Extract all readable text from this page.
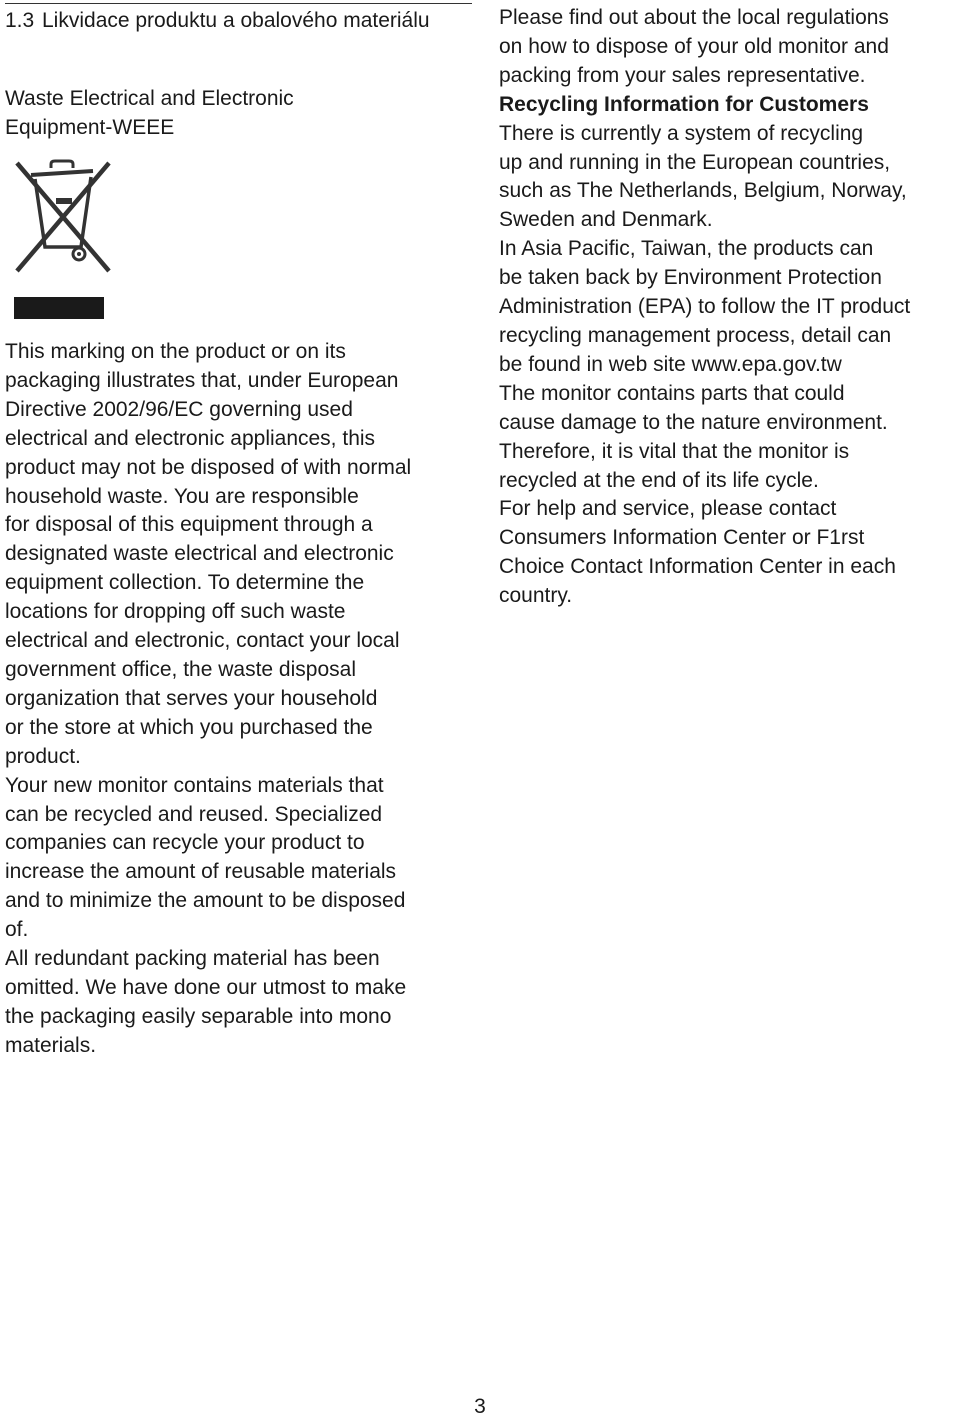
1.3 Likvidace produktu a obalového materiálu
Waste Electrical and Electronic
Equipment-WEEE

This marking on the product or on its
packaging illustrates that, under European
Directive 2002/96/EC governing used
electrical and electronic appliances, this
product may not be disposed of with normal
household waste. You are responsible
for disposal of this equipment through a
designated waste electrical and electronic
equipment collection. To determine the
locations for dropping off such waste
electrical and electronic, contact your local
government office, the waste disposal
organization that serves your household
or the store at which you purchased the
product.

Your new monitor contains materials that
can be recycled and reused. Specialized
companies can recycle your product to
increase the amount of reusable materials
and to minimize the amount to be disposed
of.

All redundant packing material has been
omitted. We have done our utmost to make
the packaging easily separable into mono
materials.

Please find out about the local regulations
on how to dispose of your old monitor and
packing from your sales representative.

Recycling Information for Customers

There is currently a system of recycling
up and running in the European countries,
such as The Netherlands, Belgium, Norway,
Sweden and Denmark.

In Asia Pacific, Taiwan, the products can
be taken back by Environment Protection
Administration (EPA) to follow the IT product
recycling management process, detail can
be found in web site www.epa.gov.tw

The monitor contains parts that could
cause damage to the nature environment.
Therefore, it is vital that the monitor is
recycled at the end of its life cycle.

For help and service, please contact
Consumers Information Center or F1rst
Choice Contact Information Center in each
country.

3
